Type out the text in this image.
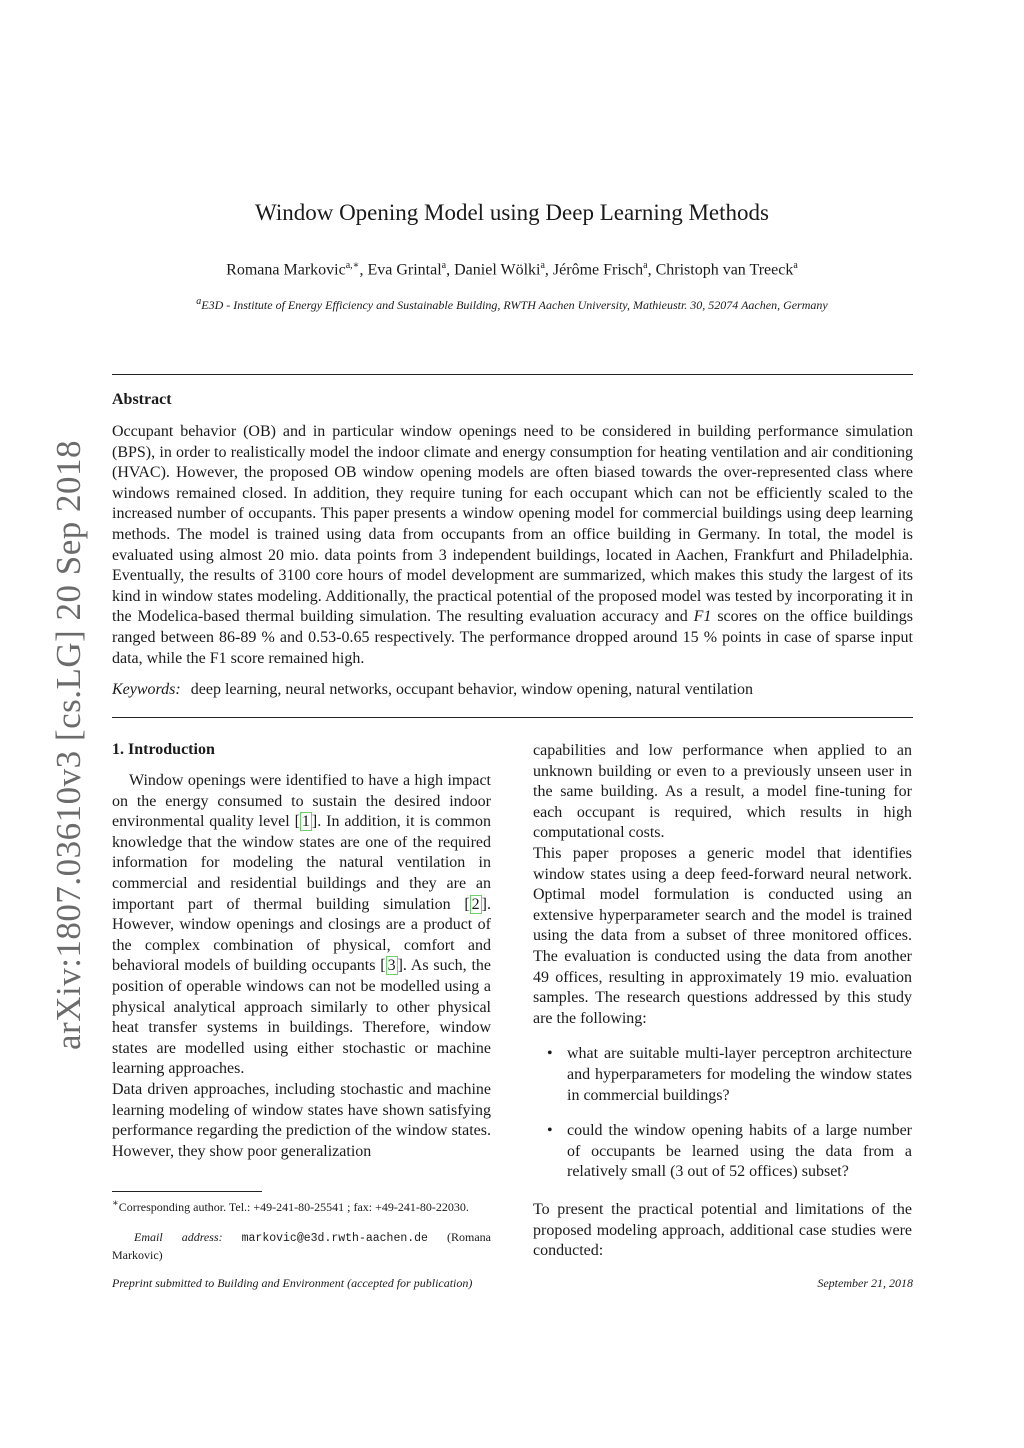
arXiv:1807.03610v3 [cs.LG] 20 Sep 2018
Window Opening Model using Deep Learning Methods
Romana Markovic$^{a,∗}$, Eva Grintal$^a$, Daniel Wölki$^a$, Jérôme Frisch$^a$, Christoph van Treeck$^a$
$^a$E3D - Institute of Energy Efficiency and Sustainable Building, RWTH Aachen University, Mathieustr. 30, 52074 Aachen, Germany
Abstract
Occupant behavior (OB) and in particular window openings need to be considered in building performance simulation (BPS), in order to realistically model the indoor climate and energy consumption for heating ventilation and air conditioning (HVAC). However, the proposed OB window opening models are often biased towards the over-represented class where windows remained closed. In addition, they require tuning for each occupant which can not be efficiently scaled to the increased number of occupants. This paper presents a window opening model for commercial buildings using deep learning methods. The model is trained using data from occupants from an office building in Germany. In total, the model is evaluated using almost 20 mio. data points from 3 independent buildings, located in Aachen, Frankfurt and Philadelphia. Eventually, the results of 3100 core hours of model development are summarized, which makes this study the largest of its kind in window states modeling. Additionally, the practical potential of the proposed model was tested by incorporating it in the Modelica-based thermal building simulation. The resulting evaluation accuracy and F1 scores on the office buildings ranged between 86-89 % and 0.53-0.65 respectively. The performance dropped around 15 % points in case of sparse input data, while the F1 score remained high.
Keywords: deep learning, neural networks, occupant behavior, window opening, natural ventilation
1. Introduction

Window openings were identified to have a high impact on the energy consumed to sustain the desired indoor environmental quality level [ 1 ]. In addition, it is common knowledge that the window states are one of the required information for modeling the natural ventilation in commercial and residential buildings and they are an important part of thermal building simulation [ 2 ]. However, window openings and closings are a product of the complex combination of physical, comfort and behavioral models of building occupants [ 3 ]. As such, the position of operable windows can not be modelled using a physical analytical approach similarly to other physical heat transfer systems in buildings. Therefore, window states are modelled using either stochastic or machine learning approaches.

Data driven approaches, including stochastic and machine learning modeling of window states have shown satisfying performance regarding the prediction of the window states. However, they show poor generalization

∗Corresponding author. Tel.: +49-241-80-25541 ; fax: +49-241-80-22030.
Email address: markovic@e3d.rwth-aachen.de (Romana Markovic)

capabilities and low performance when applied to an unknown building or even to a previously unseen user in the same building. As a result, a model fine-tuning for each occupant is required, which results in high computational costs.

This paper proposes a generic model that identifies window states using a deep feed-forward neural network. Optimal model formulation is conducted using an extensive hyperparameter search and the model is trained using the data from a subset of three monitored offices. The evaluation is conducted using the data from another 49 offices, resulting in approximately 19 mio. evaluation samples. The research questions addressed by this study are the following:

• what are suitable multi-layer perceptron architecture and hyperparameters for modeling the window states in commercial buildings?
• could the window opening habits of a large number of occupants be learned using the data from a relatively small (3 out of 52 offices) subset?
To present the practical potential and limitations of the proposed modeling approach, additional case studies were conducted:
Preprint submitted to Building and Environment (accepted for publication)	September 21, 2018
